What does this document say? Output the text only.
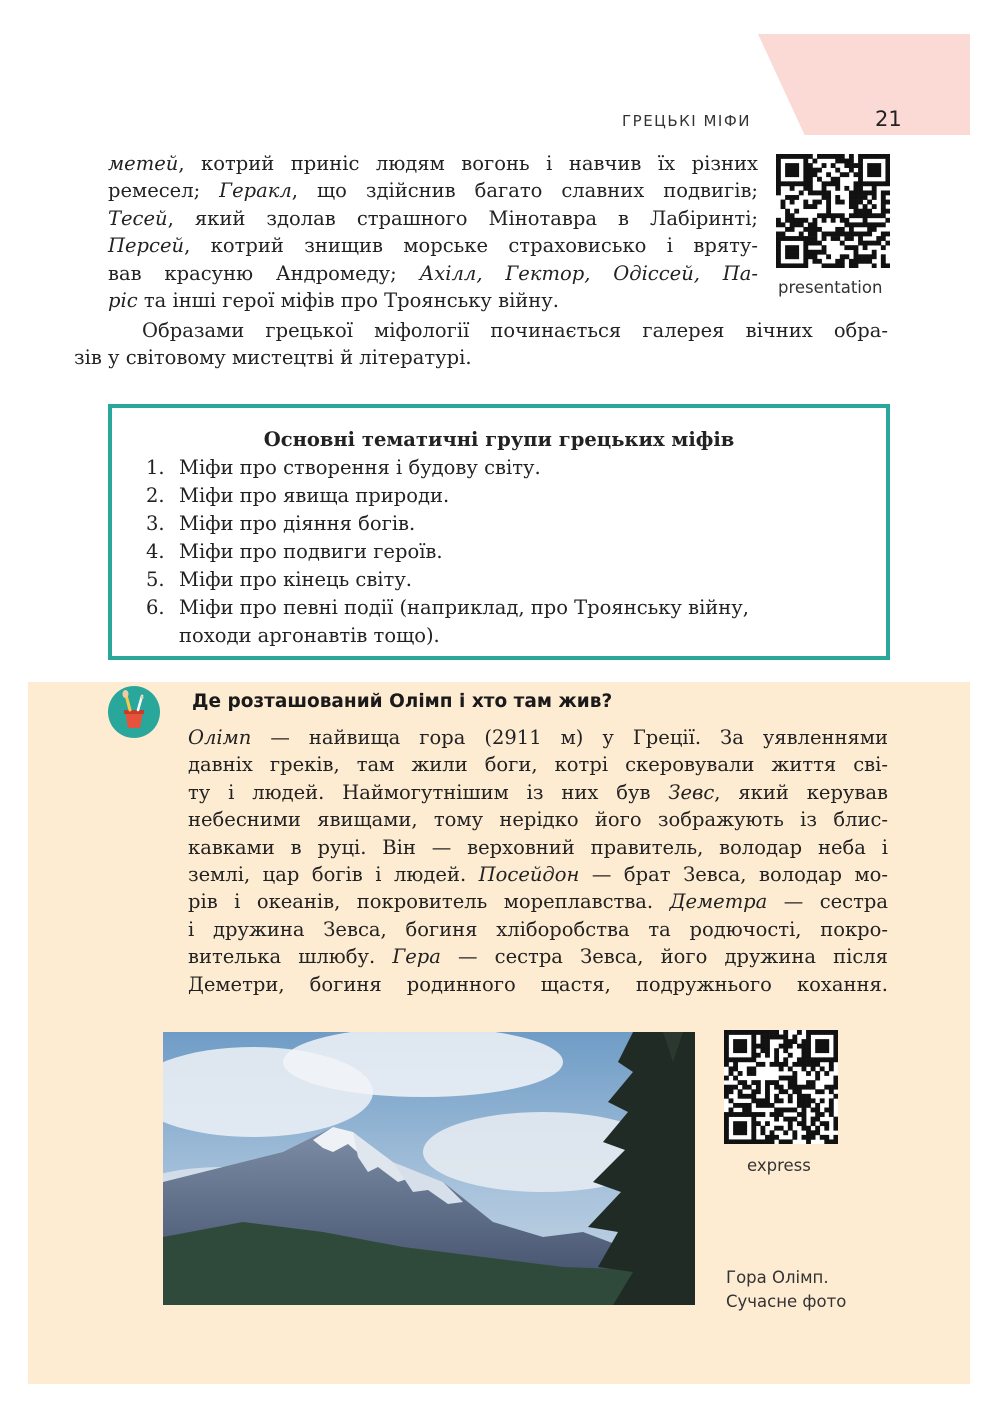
ГРЕЦЬКІ МІФИ	21
метей, котрий приніс людям вогонь і навчив їх різних
ремесел; Геракл, що здійснив багато славних подвигів;
Тесей, який здолав страшного Мінотавра в Лабіринті;
Персей, котрий знищив морське страховисько і вряту-
вав красуню Андромеду; Ахілл, Гектор, Одіссей, Па-
ріс та інші герої міфів про Троянську війну.
Образами грецької міфології починається галерея вічних обра-
зів у світовому мистецтві й літературі.
presentation
Основні тематичні групи грецьких міфів
1. Міфи про створення і будову світу.
2. Міфи про явища природи.
3. Міфи про діяння богів.
4. Міфи про подвиги героїв.
5. Міфи про кінець світу.
6. Міфи про певні події (наприклад, про Троянську війну,
походи аргонавтів тощо).
Де розташований Олімп і хто там жив?
Олімп — найвища гора (2911 м) у Греції. За уявленнями
давніх греків, там жили боги, котрі скеровували життя сві-
ту і людей. Наймогутнішим із них був Зевс, який керував
небесними явищами, тому нерідко його зображують із блис-
кавками в руці. Він — верховний правитель, володар неба і
землі, цар богів і людей. Посейдон — брат Зевса, володар мо-
рів і океанів, покровитель мореплавства. Деметра — сестра
і дружина Зевса, богиня хліборобства та родючості, покро-
вителька шлюбу. Гера — сестра Зевса, його дружина після
Деметри, богиня родинного щастя, подружнього кохання.
express
Гора Олімп.
Сучасне фото
